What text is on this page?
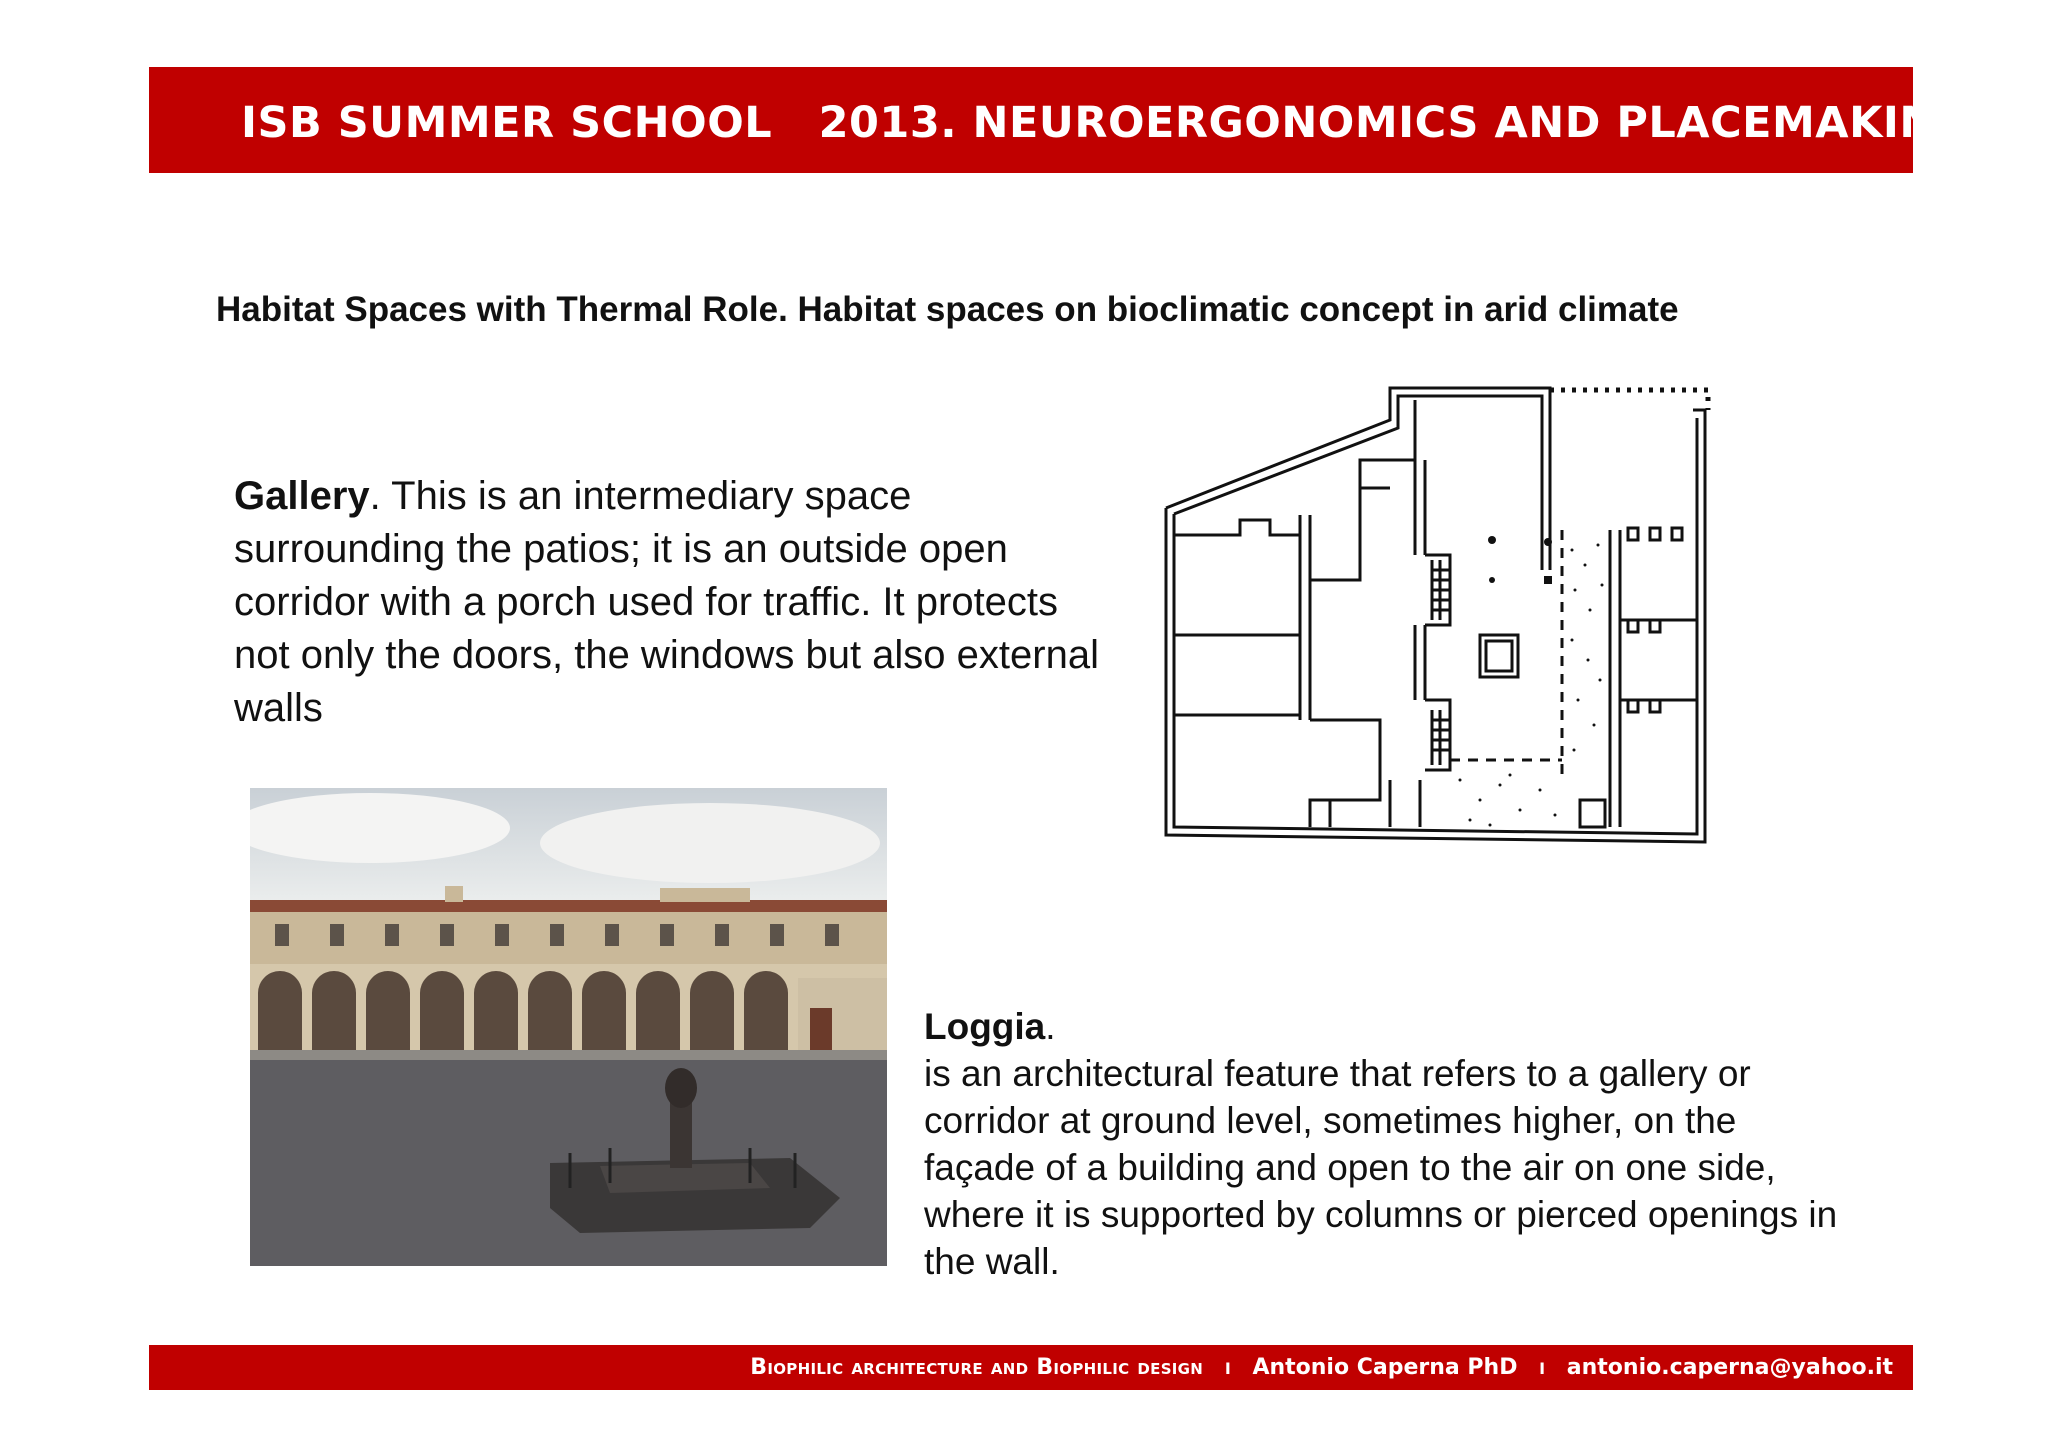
ISB SUMMER SCHOOL   2013. NEUROERGONOMICS AND PLACEMAKING
Habitat Spaces with Thermal Role. Habitat spaces on bioclimatic concept in arid climate
Gallery. This is an intermediary space surrounding the patios; it is an outside open corridor with a porch used for traffic. It protects not only the doors, the windows but also external walls
Loggia.
is an architectural feature that refers to a gallery or corridor at ground level, sometimes higher, on the façade of a building and open to the air on one side, where it is supported by columns or pierced openings in the wall.
Biophilic architecture and Biophilic design I Antonio Caperna PhD I antonio.caperna@yahoo.it
